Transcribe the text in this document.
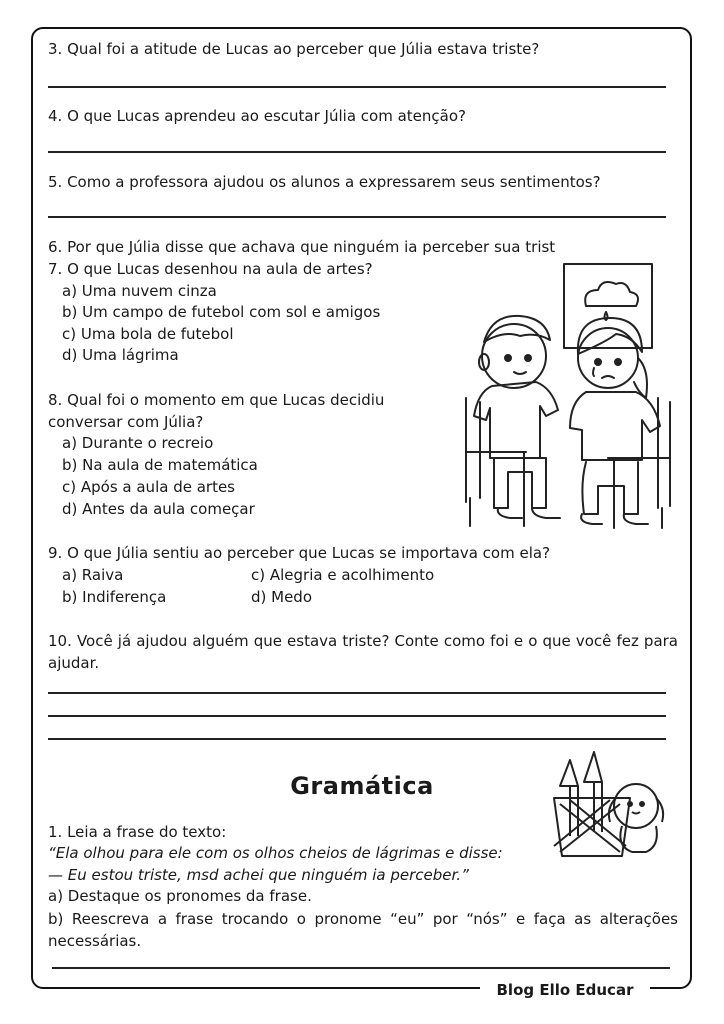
3. Qual foi a atitude de Lucas ao perceber que Júlia estava triste?
4. O que Lucas aprendeu ao escutar Júlia com atenção?
5. Como a professora ajudou os alunos a expressarem seus sentimentos?
6. Por que Júlia disse que achava que ninguém ia perceber sua trist
7. O que Lucas desenhou na aula de artes?
a) Uma nuvem cinza
b) Um campo de futebol com sol e amigos
c) Uma bola de futebol
d) Uma lágrima
8. Qual foi o momento em que Lucas decidiu
conversar com Júlia?
a) Durante o recreio
b) Na aula de matemática
c) Após a aula de artes
d) Antes da aula começar
9. O que Júlia sentiu ao perceber que Lucas se importava com ela?
a) Raiva	c) Alegria e acolhimento
b) Indiferença	d) Medo
10. Você já ajudou alguém que estava triste? Conte como foi e o que você fez para ajudar.
Gramática
1. Leia a frase do texto:
“Ela olhou para ele com os olhos cheios de lágrimas e disse:
— Eu estou triste, msd achei que ninguém ia perceber.”
a) Destaque os pronomes da frase.
b) Reescreva a frase trocando o pronome “eu” por “nós” e faça as alterações necessárias.
Blog Ello Educar
